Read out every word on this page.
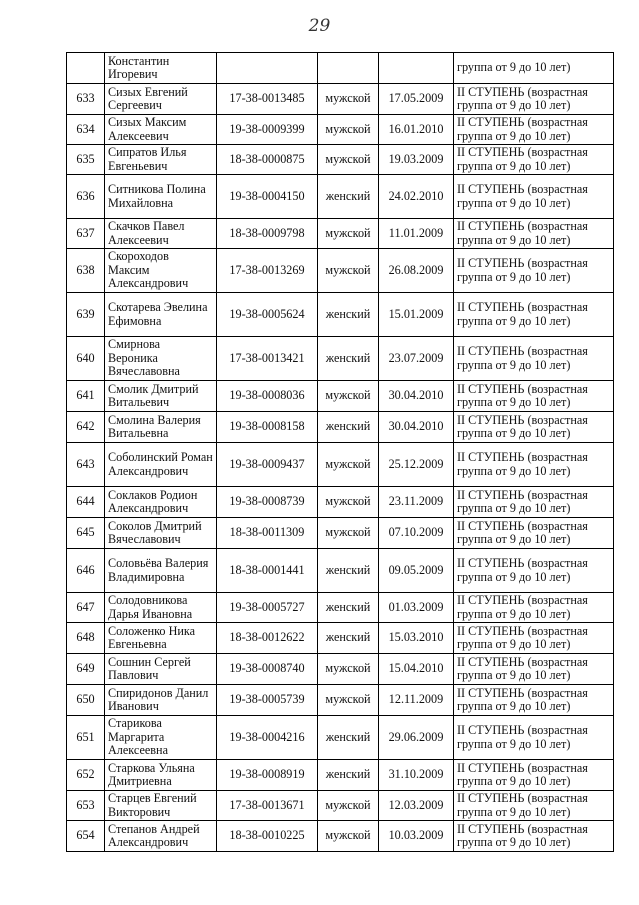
29
	Константин Игоревич				группа от 9 до 10 лет)
633	Сизых Евгений Сергеевич	17-38-0013485	мужской	17.05.2009	II СТУПЕНЬ (возрастная группа от 9 до 10 лет)
634	Сизых Максим Алексеевич	19-38-0009399	мужской	16.01.2010	II СТУПЕНЬ (возрастная группа от 9 до 10 лет)
635	Сипратов Илья Евгеньевич	18-38-0000875	мужской	19.03.2009	II СТУПЕНЬ (возрастная группа от 9 до 10 лет)
636	Ситникова Полина Михайловна	19-38-0004150	женский	24.02.2010	II СТУПЕНЬ (возрастная группа от 9 до 10 лет)
637	Скачков Павел Алексеевич	18-38-0009798	мужской	11.01.2009	II СТУПЕНЬ (возрастная группа от 9 до 10 лет)
638	Скороходов Максим Александрович	17-38-0013269	мужской	26.08.2009	II СТУПЕНЬ (возрастная группа от 9 до 10 лет)
639	Скотарева Эвелина Ефимовна	19-38-0005624	женский	15.01.2009	II СТУПЕНЬ (возрастная группа от 9 до 10 лет)
640	Смирнова Вероника Вячеславовна	17-38-0013421	женский	23.07.2009	II СТУПЕНЬ (возрастная группа от 9 до 10 лет)
641	Смолик Дмитрий Витальевич	19-38-0008036	мужской	30.04.2010	II СТУПЕНЬ (возрастная группа от 9 до 10 лет)
642	Смолина Валерия Витальевна	19-38-0008158	женский	30.04.2010	II СТУПЕНЬ (возрастная группа от 9 до 10 лет)
643	Соболинский Роман Александрович	19-38-0009437	мужской	25.12.2009	II СТУПЕНЬ (возрастная группа от 9 до 10 лет)
644	Соклаков Родион Александрович	19-38-0008739	мужской	23.11.2009	II СТУПЕНЬ (возрастная группа от 9 до 10 лет)
645	Соколов Дмитрий Вячеславович	18-38-0011309	мужской	07.10.2009	II СТУПЕНЬ (возрастная группа от 9 до 10 лет)
646	Соловьёва Валерия Владимировна	18-38-0001441	женский	09.05.2009	II СТУПЕНЬ (возрастная группа от 9 до 10 лет)
647	Солодовникова Дарья Ивановна	19-38-0005727	женский	01.03.2009	II СТУПЕНЬ (возрастная группа от 9 до 10 лет)
648	Соложенко Ника Евгеньевна	18-38-0012622	женский	15.03.2010	II СТУПЕНЬ (возрастная группа от 9 до 10 лет)
649	Сошнин Сергей Павлович	19-38-0008740	мужской	15.04.2010	II СТУПЕНЬ (возрастная группа от 9 до 10 лет)
650	Спиридонов Данил Иванович	19-38-0005739	мужской	12.11.2009	II СТУПЕНЬ (возрастная группа от 9 до 10 лет)
651	Старикова Маргарита Алексеевна	19-38-0004216	женский	29.06.2009	II СТУПЕНЬ (возрастная группа от 9 до 10 лет)
652	Старкова Ульяна Дмитриевна	19-38-0008919	женский	31.10.2009	II СТУПЕНЬ (возрастная группа от 9 до 10 лет)
653	Старцев Евгений Викторович	17-38-0013671	мужской	12.03.2009	II СТУПЕНЬ (возрастная группа от 9 до 10 лет)
654	Степанов Андрей Александрович	18-38-0010225	мужской	10.03.2009	II СТУПЕНЬ (возрастная группа от 9 до 10 лет)
